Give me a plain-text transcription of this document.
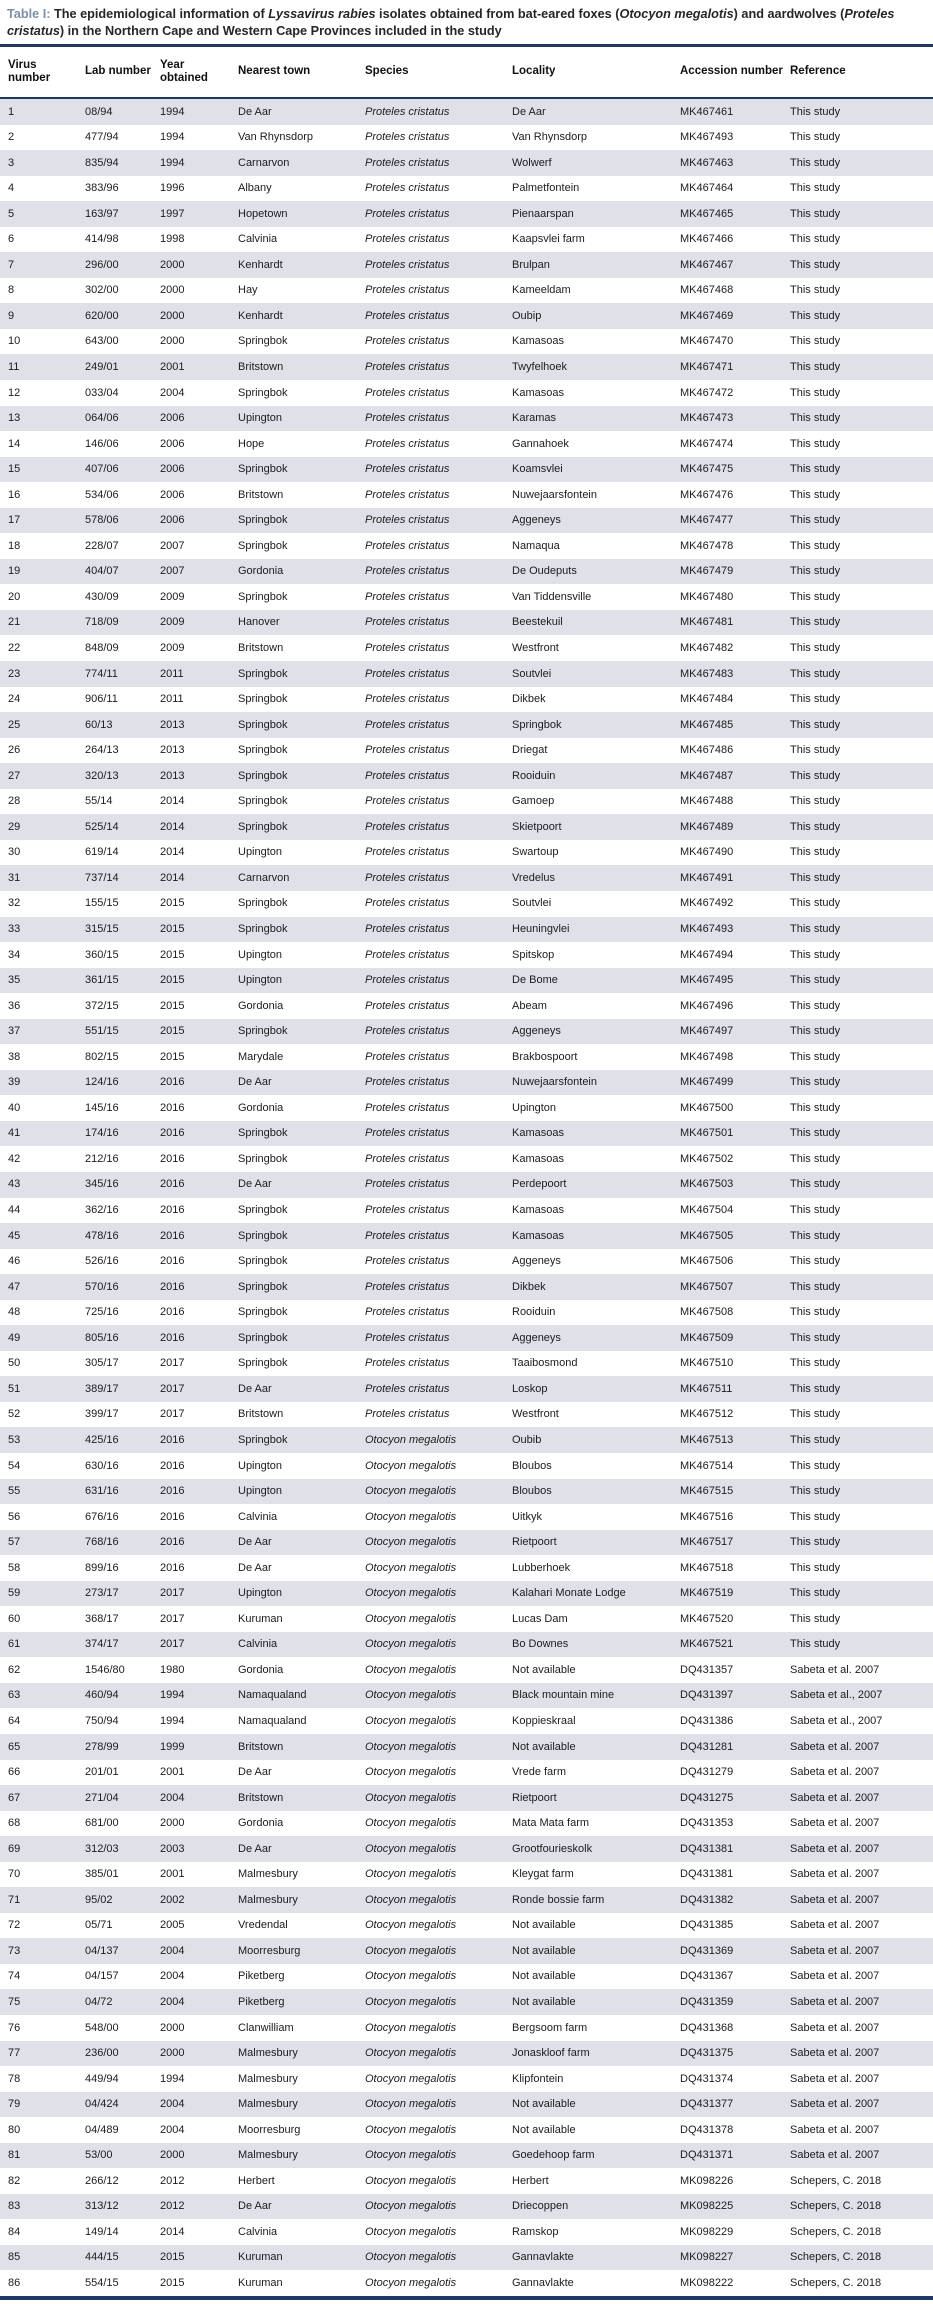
Table I: The epidemiological information of Lyssavirus rabies isolates obtained from bat-eared foxes (Otocyon megalotis) and aardwolves (Proteles cristatus) in the Northern Cape and Western Cape Provinces included in the study
Virus number	Lab number	Year obtained	Nearest town	Species	Locality	Accession number	Reference
1	08/94	1994	De Aar	Proteles cristatus	De Aar	MK467461	This study
2	477/94	1994	Van Rhynsdorp	Proteles cristatus	Van Rhynsdorp	MK467493	This study
3	835/94	1994	Carnarvon	Proteles cristatus	Wolwerf	MK467463	This study
4	383/96	1996	Albany	Proteles cristatus	Palmetfontein	MK467464	This study
5	163/97	1997	Hopetown	Proteles cristatus	Pienaarspan	MK467465	This study
6	414/98	1998	Calvinia	Proteles cristatus	Kaapsvlei farm	MK467466	This study
7	296/00	2000	Kenhardt	Proteles cristatus	Brulpan	MK467467	This study
8	302/00	2000	Hay	Proteles cristatus	Kameeldam	MK467468	This study
9	620/00	2000	Kenhardt	Proteles cristatus	Oubip	MK467469	This study
10	643/00	2000	Springbok	Proteles cristatus	Kamasoas	MK467470	This study
11	249/01	2001	Britstown	Proteles cristatus	Twyfelhoek	MK467471	This study
12	033/04	2004	Springbok	Proteles cristatus	Kamasoas	MK467472	This study
13	064/06	2006	Upington	Proteles cristatus	Karamas	MK467473	This study
14	146/06	2006	Hope	Proteles cristatus	Gannahoek	MK467474	This study
15	407/06	2006	Springbok	Proteles cristatus	Koamsvlei	MK467475	This study
16	534/06	2006	Britstown	Proteles cristatus	Nuwejaarsfontein	MK467476	This study
17	578/06	2006	Springbok	Proteles cristatus	Aggeneys	MK467477	This study
18	228/07	2007	Springbok	Proteles cristatus	Namaqua	MK467478	This study
19	404/07	2007	Gordonia	Proteles cristatus	De Oudeputs	MK467479	This study
20	430/09	2009	Springbok	Proteles cristatus	Van Tiddensville	MK467480	This study
21	718/09	2009	Hanover	Proteles cristatus	Beestekuil	MK467481	This study
22	848/09	2009	Britstown	Proteles cristatus	Westfront	MK467482	This study
23	774/11	2011	Springbok	Proteles cristatus	Soutvlei	MK467483	This study
24	906/11	2011	Springbok	Proteles cristatus	Dikbek	MK467484	This study
25	60/13	2013	Springbok	Proteles cristatus	Springbok	MK467485	This study
26	264/13	2013	Springbok	Proteles cristatus	Driegat	MK467486	This study
27	320/13	2013	Springbok	Proteles cristatus	Rooiduin	MK467487	This study
28	55/14	2014	Springbok	Proteles cristatus	Gamoep	MK467488	This study
29	525/14	2014	Springbok	Proteles cristatus	Skietpoort	MK467489	This study
30	619/14	2014	Upington	Proteles cristatus	Swartoup	MK467490	This study
31	737/14	2014	Carnarvon	Proteles cristatus	Vredelus	MK467491	This study
32	155/15	2015	Springbok	Proteles cristatus	Soutvlei	MK467492	This study
33	315/15	2015	Springbok	Proteles cristatus	Heuningvlei	MK467493	This study
34	360/15	2015	Upington	Proteles cristatus	Spitskop	MK467494	This study
35	361/15	2015	Upington	Proteles cristatus	De Bome	MK467495	This study
36	372/15	2015	Gordonia	Proteles cristatus	Abeam	MK467496	This study
37	551/15	2015	Springbok	Proteles cristatus	Aggeneys	MK467497	This study
38	802/15	2015	Marydale	Proteles cristatus	Brakbospoort	MK467498	This study
39	124/16	2016	De Aar	Proteles cristatus	Nuwejaarsfontein	MK467499	This study
40	145/16	2016	Gordonia	Proteles cristatus	Upington	MK467500	This study
41	174/16	2016	Springbok	Proteles cristatus	Kamasoas	MK467501	This study
42	212/16	2016	Springbok	Proteles cristatus	Kamasoas	MK467502	This study
43	345/16	2016	De Aar	Proteles cristatus	Perdepoort	MK467503	This study
44	362/16	2016	Springbok	Proteles cristatus	Kamasoas	MK467504	This study
45	478/16	2016	Springbok	Proteles cristatus	Kamasoas	MK467505	This study
46	526/16	2016	Springbok	Proteles cristatus	Aggeneys	MK467506	This study
47	570/16	2016	Springbok	Proteles cristatus	Dikbek	MK467507	This study
48	725/16	2016	Springbok	Proteles cristatus	Rooiduin	MK467508	This study
49	805/16	2016	Springbok	Proteles cristatus	Aggeneys	MK467509	This study
50	305/17	2017	Springbok	Proteles cristatus	Taaibosmond	MK467510	This study
51	389/17	2017	De Aar	Proteles cristatus	Loskop	MK467511	This study
52	399/17	2017	Britstown	Proteles cristatus	Westfront	MK467512	This study
53	425/16	2016	Springbok	Otocyon megalotis	Oubib	MK467513	This study
54	630/16	2016	Upington	Otocyon megalotis	Bloubos	MK467514	This study
55	631/16	2016	Upington	Otocyon megalotis	Bloubos	MK467515	This study
56	676/16	2016	Calvinia	Otocyon megalotis	Uitkyk	MK467516	This study
57	768/16	2016	De Aar	Otocyon megalotis	Rietpoort	MK467517	This study
58	899/16	2016	De Aar	Otocyon megalotis	Lubberhoek	MK467518	This study
59	273/17	2017	Upington	Otocyon megalotis	Kalahari Monate Lodge	MK467519	This study
60	368/17	2017	Kuruman	Otocyon megalotis	Lucas Dam	MK467520	This study
61	374/17	2017	Calvinia	Otocyon megalotis	Bo Downes	MK467521	This study
62	1546/80	1980	Gordonia	Otocyon megalotis	Not available	DQ431357	Sabeta et al. 2007
63	460/94	1994	Namaqualand	Otocyon megalotis	Black mountain mine	DQ431397	Sabeta et al., 2007
64	750/94	1994	Namaqualand	Otocyon megalotis	Koppieskraal	DQ431386	Sabeta et al., 2007
65	278/99	1999	Britstown	Otocyon megalotis	Not available	DQ431281	Sabeta et al. 2007
66	201/01	2001	De Aar	Otocyon megalotis	Vrede farm	DQ431279	Sabeta et al. 2007
67	271/04	2004	Britstown	Otocyon megalotis	Rietpoort	DQ431275	Sabeta et al. 2007
68	681/00	2000	Gordonia	Otocyon megalotis	Mata Mata farm	DQ431353	Sabeta et al. 2007
69	312/03	2003	De Aar	Otocyon megalotis	Grootfourieskolk	DQ431381	Sabeta et al. 2007
70	385/01	2001	Malmesbury	Otocyon megalotis	Kleygat farm	DQ431381	Sabeta et al. 2007
71	95/02	2002	Malmesbury	Otocyon megalotis	Ronde bossie farm	DQ431382	Sabeta et al. 2007
72	05/71	2005	Vredendal	Otocyon megalotis	Not available	DQ431385	Sabeta et al. 2007
73	04/137	2004	Moorresburg	Otocyon megalotis	Not available	DQ431369	Sabeta et al. 2007
74	04/157	2004	Piketberg	Otocyon megalotis	Not available	DQ431367	Sabeta et al. 2007
75	04/72	2004	Piketberg	Otocyon megalotis	Not available	DQ431359	Sabeta et al. 2007
76	548/00	2000	Clanwilliam	Otocyon megalotis	Bergsoom farm	DQ431368	Sabeta et al. 2007
77	236/00	2000	Malmesbury	Otocyon megalotis	Jonaskloof farm	DQ431375	Sabeta et al. 2007
78	449/94	1994	Malmesbury	Otocyon megalotis	Klipfontein	DQ431374	Sabeta et al. 2007
79	04/424	2004	Malmesbury	Otocyon megalotis	Not available	DQ431377	Sabeta et al. 2007
80	04/489	2004	Moorresburg	Otocyon megalotis	Not available	DQ431378	Sabeta et al. 2007
81	53/00	2000	Malmesbury	Otocyon megalotis	Goedehoop farm	DQ431371	Sabeta et al. 2007
82	266/12	2012	Herbert	Otocyon megalotis	Herbert	MK098226	Schepers, C. 2018
83	313/12	2012	De Aar	Otocyon megalotis	Driecoppen	MK098225	Schepers, C. 2018
84	149/14	2014	Calvinia	Otocyon megalotis	Ramskop	MK098229	Schepers, C. 2018
85	444/15	2015	Kuruman	Otocyon megalotis	Gannavlakte	MK098227	Schepers, C. 2018
86	554/15	2015	Kuruman	Otocyon megalotis	Gannavlakte	MK098222	Schepers, C. 2018
